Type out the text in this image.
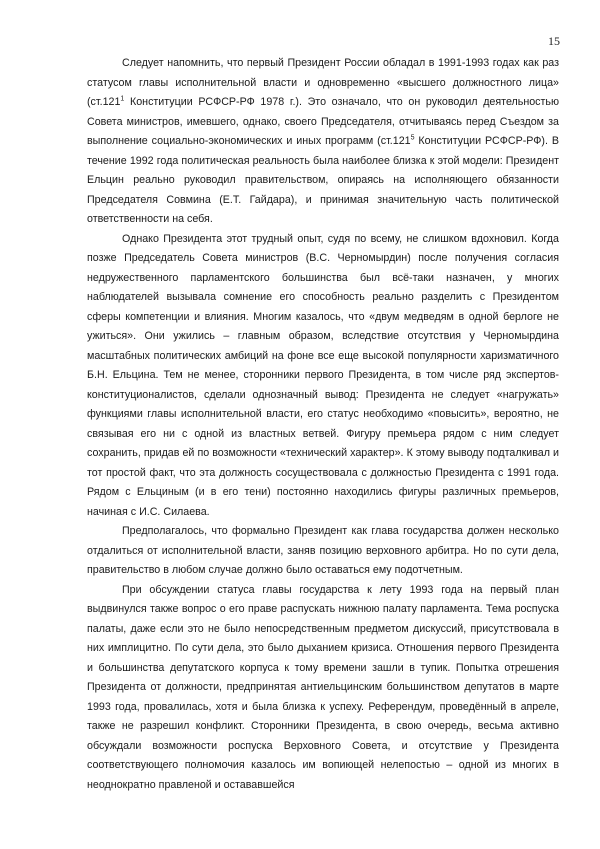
15

Следует напомнить, что первый Президент России обладал в 1991-1993 годах как раз статусом главы исполнительной власти и одновременно «высшего должностного лица» (ст.121$^1$ Конституции РСФСР-РФ 1978 г.). Это означало, что он руководил деятельностью Совета министров, имевшего, однако, своего Председателя, отчитываясь перед Съездом за выполнение социально-экономических и иных программ (ст.121$^5$ Конституции РСФСР-РФ). В течение 1992 года политическая реальность была наиболее близка к этой модели: Президент Ельцин реально руководил правительством, опираясь на исполняющего обязанности Председателя Совмина (Е.Т. Гайдара), и принимая значительную часть политической ответственности на себя.

Однако Президента этот трудный опыт, судя по всему, не слишком вдохновил. Когда позже Председатель Совета министров (В.С. Черномырдин) после получения согласия недружественного парламентского большинства был всё-таки назначен, у многих наблюдателей вызывала сомнение его способность реально разделить с Президентом сферы компетенции и влияния. Многим казалось, что «двум медведям в одной берлоге не ужиться». Они ужились – главным образом, вследствие отсутствия у Черномырдина масштабных политических амбиций на фоне все еще высокой популярности харизматичного Б.Н. Ельцина. Тем не менее, сторонники первого Президента, в том числе ряд экспертов-конституционалистов, сделали однозначный вывод: Президента не следует «нагружать» функциями главы исполнительной власти, его статус необходимо «повысить», вероятно, не связывая его ни с одной из властных ветвей. Фигуру премьера рядом с ним следует сохранить, придав ей по возможности «технический характер». К этому выводу подталкивал и тот простой факт, что эта должность сосуществовала с должностью Президента с 1991 года. Рядом с Ельциным (и в его тени) постоянно находились фигуры различных премьеров, начиная с И.С. Силаева.

Предполагалось, что формально Президент как глава государства должен несколько отдалиться от исполнительной власти, заняв позицию верховного арбитра. Но по сути дела, правительство в любом случае должно было оставаться ему подотчетным.

При обсуждении статуса главы государства к лету 1993 года на первый план выдвинулся также вопрос о его праве распускать нижнюю палату парламента. Тема роспуска палаты, даже если это не было непосредственным предметом дискуссий, присутствовала в них имплицитно. По сути дела, это было дыханием кризиса. Отношения первого Президента и большинства депутатского корпуса к тому времени зашли в тупик. Попытка отрешения Президента от должности, предпринятая антиельцинским большинством депутатов в марте 1993 года, провалилась, хотя и была близка к успеху. Референдум, проведённый в апреле, также не разрешил конфликт. Сторонники Президента, в свою очередь, весьма активно обсуждали возможности роспуска Верховного Совета, и отсутствие у Президента соответствующего полномочия казалось им вопиющей нелепостью – одной из многих в неоднократно правленой и остававшейся
